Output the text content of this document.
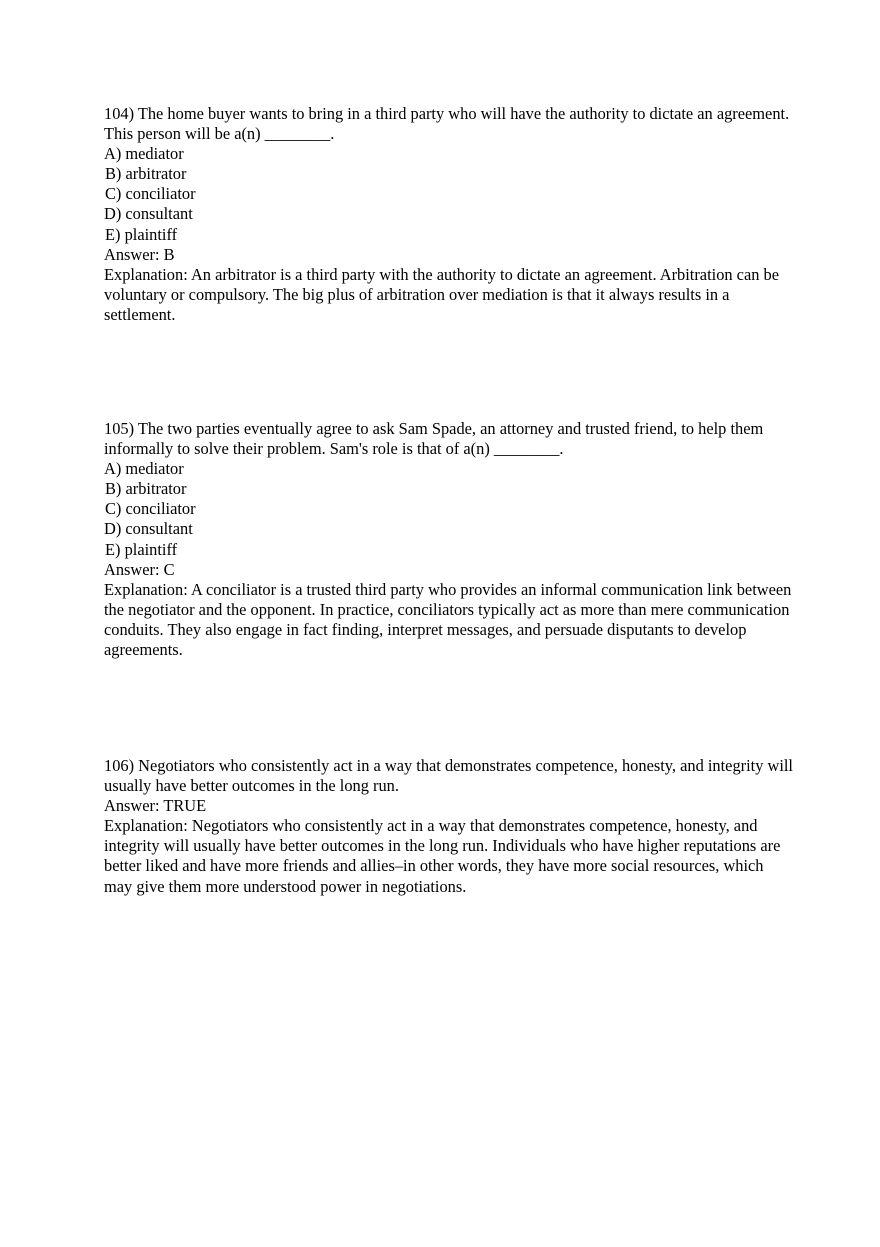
104) The home buyer wants to bring in a third party who will have the authority to dictate an agreement. This person will be a(n) ________.
A) mediator
B) arbitrator
C) conciliator
D) consultant
E) plaintiff
Answer: B
Explanation: An arbitrator is a third party with the authority to dictate an agreement. Arbitration can be voluntary or compulsory. The big plus of arbitration over mediation is that it always results in a settlement.
105) The two parties eventually agree to ask Sam Spade, an attorney and trusted friend, to help them informally to solve their problem. Sam's role is that of a(n) ________.
A) mediator
B) arbitrator
C) conciliator
D) consultant
E) plaintiff
Answer: C
Explanation: A conciliator is a trusted third party who provides an informal communication link between the negotiator and the opponent. In practice, conciliators typically act as more than mere communication conduits. They also engage in fact finding, interpret messages, and persuade disputants to develop agreements.
106) Negotiators who consistently act in a way that demonstrates competence, honesty, and integrity will usually have better outcomes in the long run.
Answer: TRUE
Explanation: Negotiators who consistently act in a way that demonstrates competence, honesty, and integrity will usually have better outcomes in the long run. Individuals who have higher reputations are better liked and have more friends and allies–in other words, they have more social resources, which may give them more understood power in negotiations.
